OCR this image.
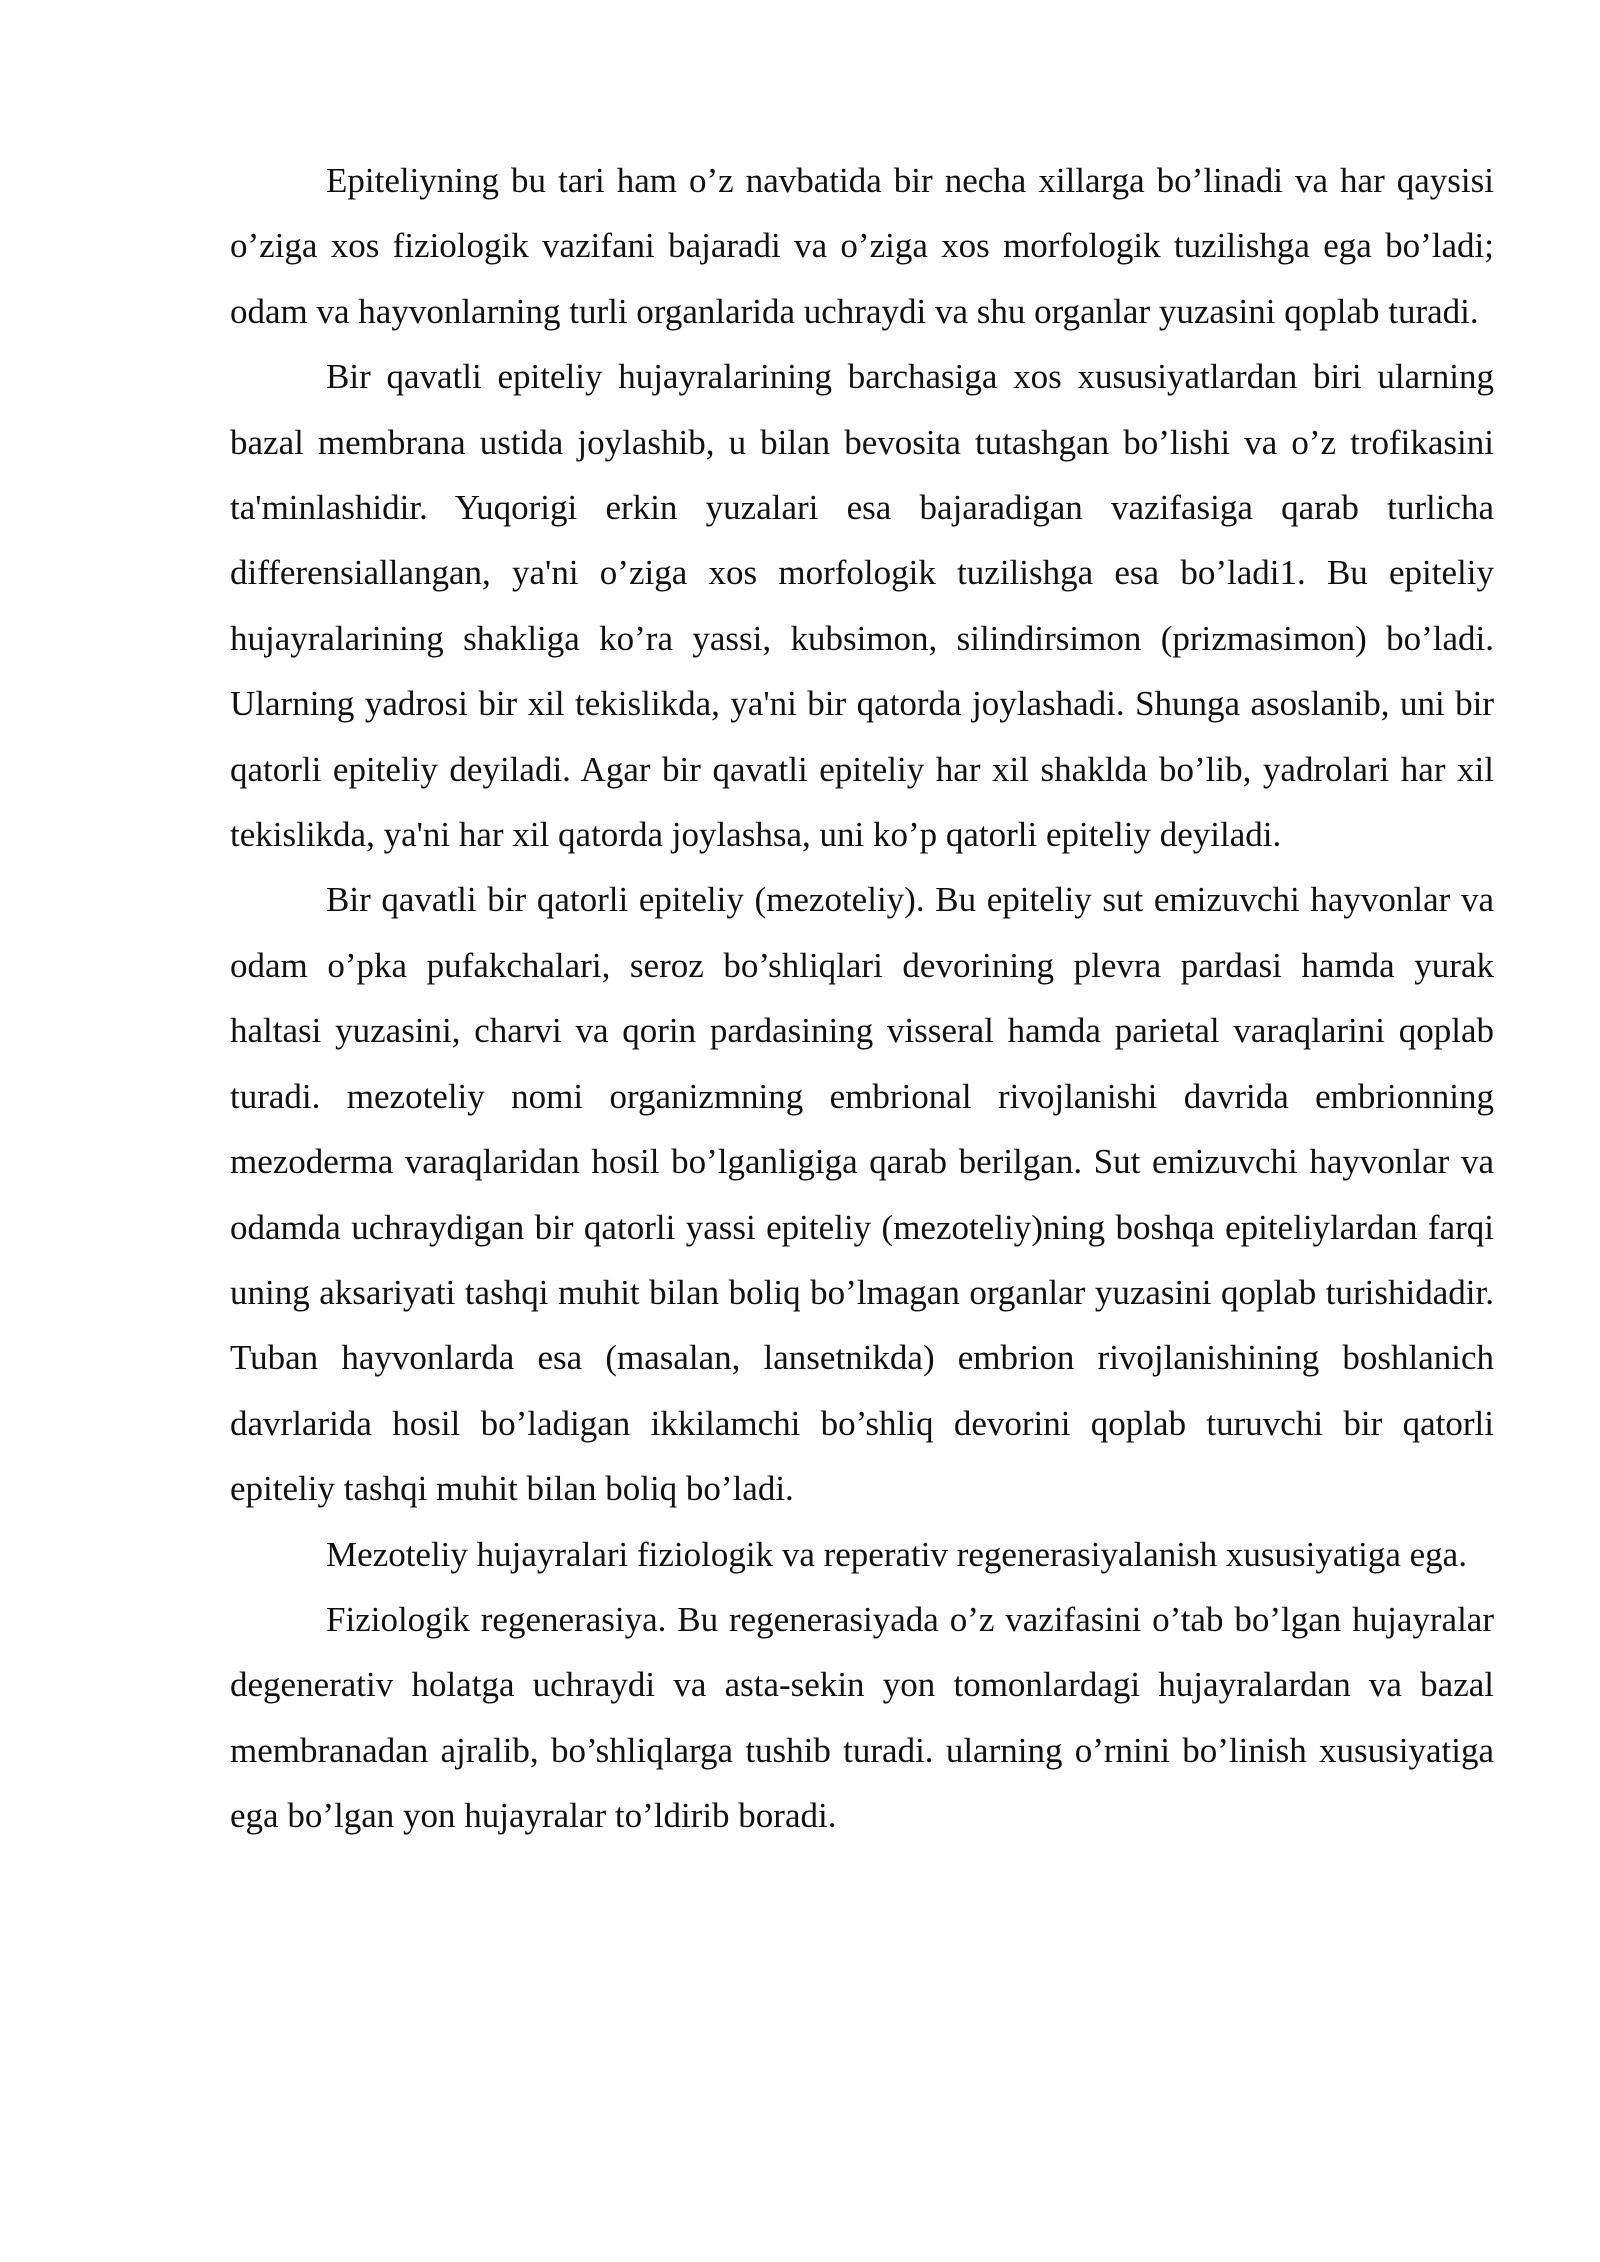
Epiteliyning bu tari ham o’z navbatida bir necha xillarga bo’linadi va har qaysisi o’ziga xos fiziologik vazifani bajaradi va o’ziga xos morfologik tuzilishga ega bo’ladi; odam va hayvonlarning turli organlarida uchraydi va shu organlar yuzasini qoplab turadi.

Bir qavatli epiteliy hujayralarining barchasiga xos xususiyatlardan biri ularning bazal membrana ustida joylashib, u bilan bevosita tutashgan bo’lishi va o’z trofikasini ta'minlashidir. Yuqorigi erkin yuzalari esa bajaradigan vazifasiga qarab turlicha differensiallangan, ya'ni o’ziga xos morfologik tuzilishga esa bo’ladi1. Bu epiteliy hujayralarining shakliga ko’ra yassi, kubsimon, silindirsimon (prizmasimon) bo’ladi. Ularning yadrosi bir xil tekislikda, ya'ni bir qatorda joylashadi. Shunga asoslanib, uni bir qatorli epiteliy deyiladi. Agar bir qavatli epiteliy har xil shaklda bo’lib, yadrolari har xil tekislikda, ya'ni har xil qatorda joylashsa, uni ko’p qatorli epiteliy deyiladi.

Bir qavatli bir qatorli epiteliy (mezoteliy). Bu epiteliy sut emizuvchi hayvonlar va odam o’pka pufakchalari, seroz bo’shliqlari devorining plevra pardasi hamda yurak haltasi yuzasini, charvi va qorin pardasining visseral hamda parietal varaqlarini qoplab turadi. mezoteliy nomi organizmning embrional rivojlanishi davrida embrionning mezoderma varaqlaridan hosil bo’lganligiga qarab berilgan. Sut emizuvchi hayvonlar va odamda uchraydigan bir qatorli yassi epiteliy (mezoteliy)ning boshqa epiteliylardan farqi uning aksariyati tashqi muhit bilan boliq bo’lmagan organlar yuzasini qoplab turishidadir. Tuban hayvonlarda esa (masalan, lansetnikda) embrion rivojlanishining boshlanich davrlarida hosil bo’ladigan ikkilamchi bo’shliq devorini qoplab turuvchi bir qatorli epiteliy tashqi muhit bilan boliq bo’ladi.

Mezoteliy hujayralari fiziologik va reperativ regenerasiyalanish xususiyatiga ega.

Fiziologik regenerasiya. Bu regenerasiyada o’z vazifasini o’tab bo’lgan hujayralar degenerativ holatga uchraydi va asta-sekin yon tomonlardagi hujayralardan va bazal membranadan ajralib, bo’shliqlarga tushib turadi. ularning o’rnini bo’linish xususiyatiga ega bo’lgan yon hujayralar to’ldirib boradi.
